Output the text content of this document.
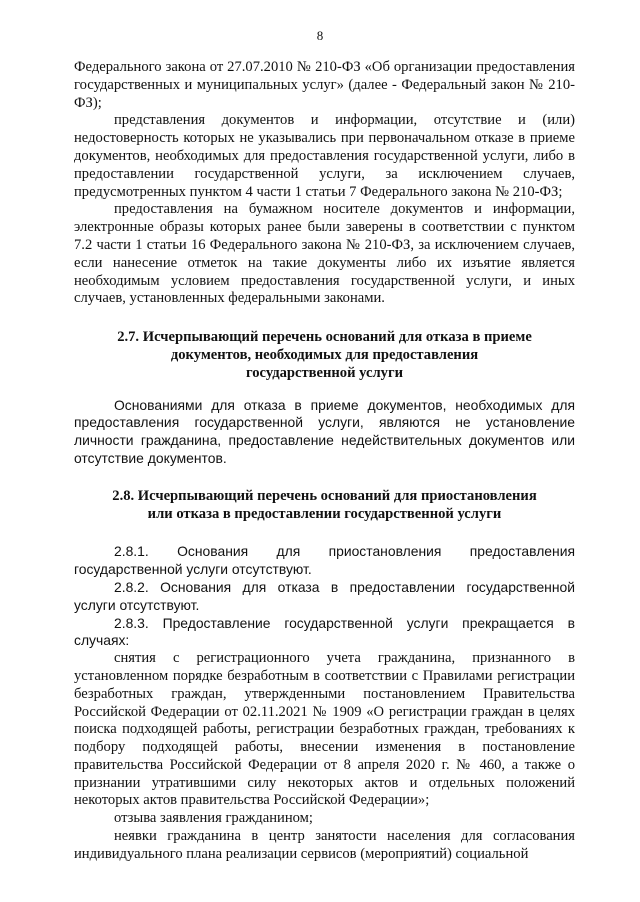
8

Федерального закона от 27.07.2010 № 210-ФЗ «Об организации предоставления государственных и муниципальных услуг» (далее - Федеральный закон № 210-ФЗ);

представления документов и информации, отсутствие и (или) недостоверность которых не указывались при первоначальном отказе в приеме документов, необходимых для предоставления государственной услуги, либо в предоставлении государственной услуги, за исключением случаев, предусмотренных пунктом 4 части 1 статьи 7 Федерального закона № 210-ФЗ;

предоставления на бумажном носителе документов и информации, электронные образы которых ранее были заверены в соответствии с пунктом 7.2 части 1 статьи 16 Федерального закона № 210-ФЗ, за исключением случаев, если нанесение отметок на такие документы либо их изъятие является необходимым условием предоставления государственной услуги, и иных случаев, установленных федеральными законами.

2.7. Исчерпывающий перечень оснований для отказа в приеме
документов, необходимых для предоставления
государственной услуги

Основаниями для отказа в приеме документов, необходимых для предоставления государственной услуги, являются не установление личности гражданина, предоставление недействительных документов или отсутствие документов.

2.8. Исчерпывающий перечень оснований для приостановления
или отказа в предоставлении государственной услуги

2.8.1. Основания для приостановления предоставления государственной услуги отсутствуют.

2.8.2. Основания для отказа в предоставлении государственной услуги отсутствуют.

2.8.3. Предоставление государственной услуги прекращается в случаях:

снятия с регистрационного учета гражданина, признанного в установленном порядке безработным в соответствии с Правилами регистрации безработных граждан, утвержденными постановлением Правительства Российской Федерации от 02.11.2021 № 1909 «О регистрации граждан в целях поиска подходящей работы, регистрации безработных граждан, требованиях к подбору подходящей работы, внесении изменения в постановление правительства Российской Федерации от 8 апреля 2020 г. № 460, а также о признании утратившими силу некоторых актов и отдельных положений некоторых актов правительства Российской Федерации»;

отзыва заявления гражданином;

неявки гражданина в центр занятости населения для согласования индивидуального плана реализации сервисов (мероприятий) социальной
